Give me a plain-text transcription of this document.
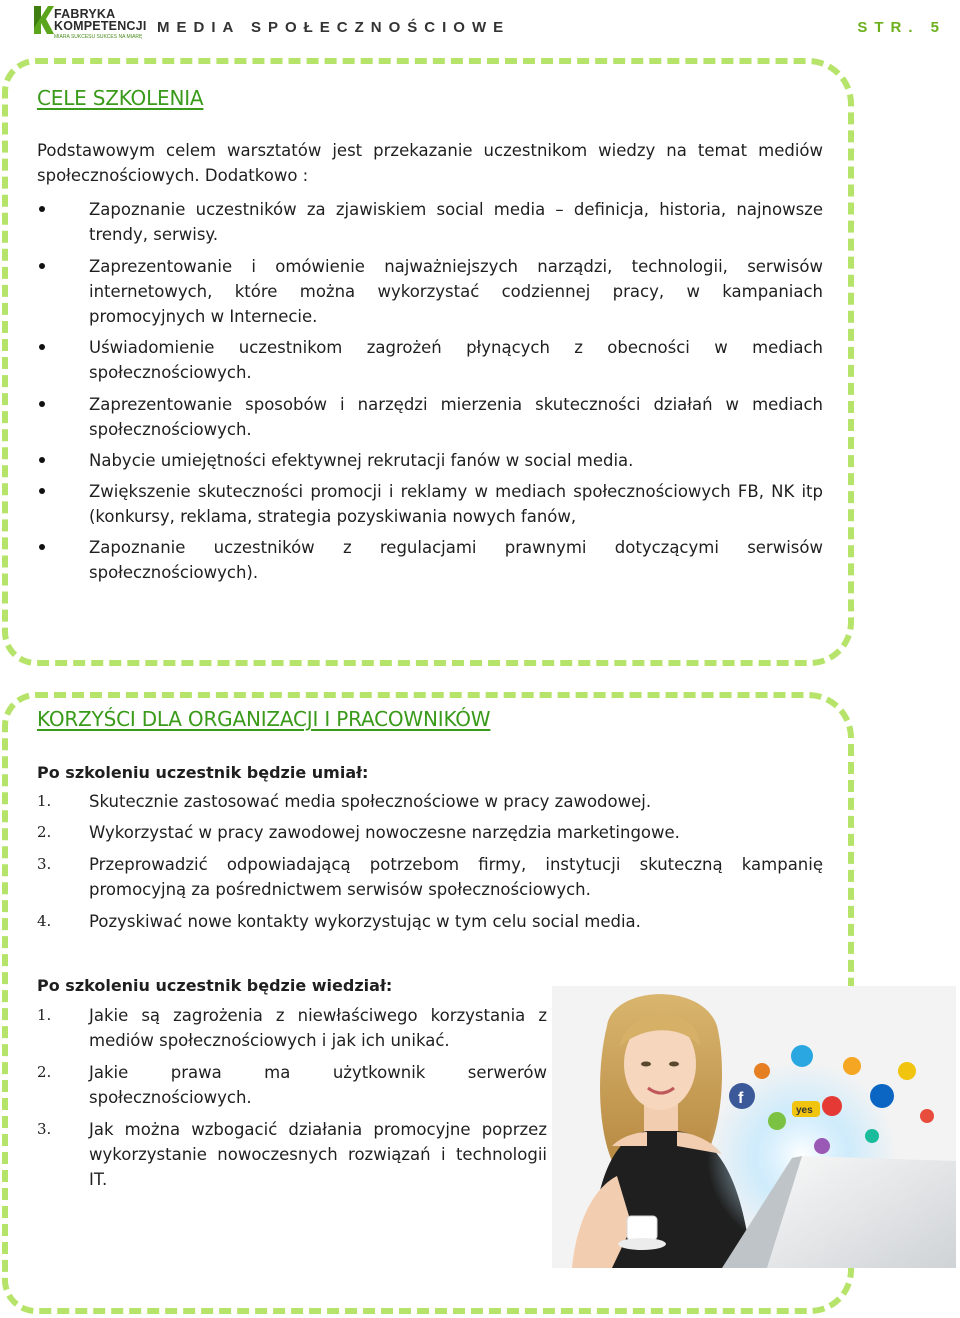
FABRYKA
KOMPETENCJI
MIARA SUKCESU SUKCES NA MIARĘ
MEDIA SPOŁECZNOŚCIOWE	STR. 5
CELE SZKOLENIA

Podstawowym celem warsztatów jest przekazanie uczestnikom wiedzy na temat mediów społecznościowych. Dodatkowo :

Zapoznanie uczestników za zjawiskiem social media – definicja, historia, najnowsze trendy, serwisy.
Zaprezentowanie i omówienie najważniejszych narządzi, technologii, serwisów internetowych, które można wykorzystać codziennej pracy, w kampaniach promocyjnych w Internecie.
Uświadomienie uczestnikom zagrożeń płynących z obecności w mediach społecznościowych.
Zaprezentowanie sposobów i narzędzi mierzenia skuteczności działań w mediach społecznościowych.
Nabycie umiejętności efektywnej rekrutacji fanów w social media.
Zwiększenie skuteczności promocji i reklamy w mediach społecznościowych FB, NK itp (konkursy, reklama, strategia pozyskiwania nowych fanów,
Zapoznanie uczestników z regulacjami prawnymi dotyczącymi serwisów społecznościowych).
KORZYŚCI DLA ORGANIZACJI I PRACOWNIKÓW

Po szkoleniu uczestnik będzie umiał:

1. Skutecznie zastosować media społecznościowe w pracy zawodowej.
2. Wykorzystać w pracy zawodowej nowoczesne narzędzia marketingowe.
3. Przeprowadzić odpowiadającą potrzebom firmy, instytucji skuteczną kampanię promocyjną za pośrednictwem serwisów społecznościowych.
4. Pozyskiwać nowe kontakty wykorzystując w tym celu social media.

Po szkoleniu uczestnik będzie wiedział:

1. Jakie są zagrożenia z niewłaściwego korzystania z mediów społecznościowych i jak ich unikać.
2. Jakie prawa ma użytkownik serwerów społecznościowych.
3. Jak można wzbogacić działania promocyjne poprzez wykorzystanie nowoczesnych rozwiązań i technologii IT.
f
yes
